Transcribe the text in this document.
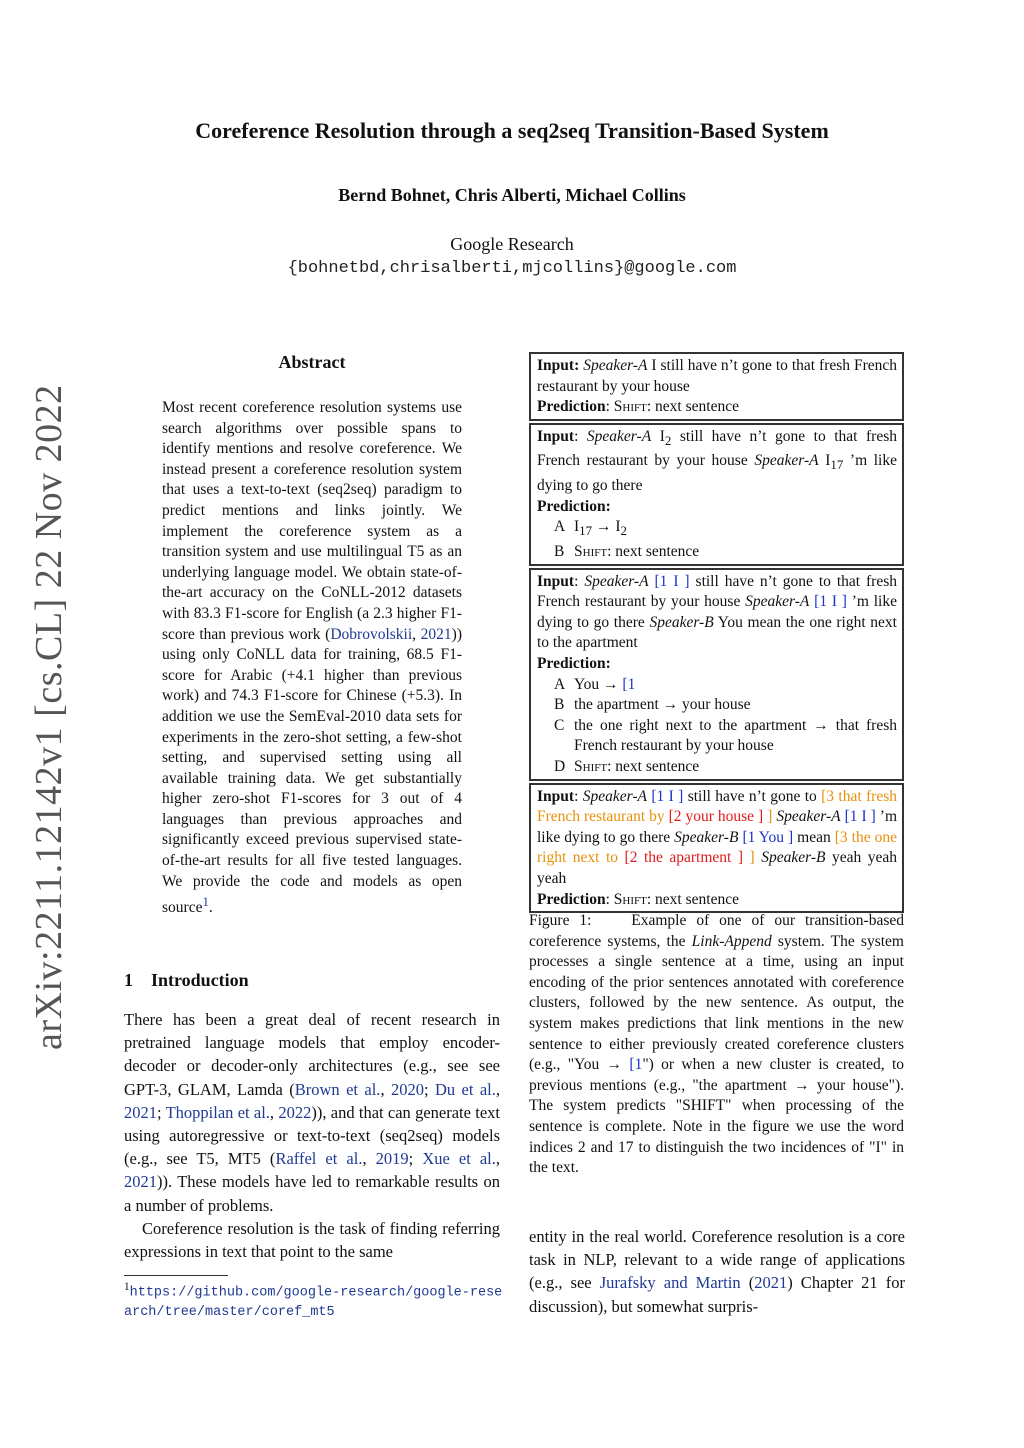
Coreference Resolution through a seq2seq Transition-Based System
Bernd Bohnet, Chris Alberti, Michael Collins
Google Research
{bohnetbd,chrisalberti,mjcollins}@google.com
arXiv:2211.12142v1 [cs.CL] 22 Nov 2022
Abstract

Most recent coreference resolution systems use search algorithms over possible spans to identify mentions and resolve coreference. We instead present a coreference resolution system that uses a text-to-text (seq2seq) paradigm to predict mentions and links jointly. We implement the coreference system as a transition system and use multilingual T5 as an underlying language model. We obtain state-of-the-art accuracy on the CoNLL-2012 datasets with 83.3 F1-score for English (a 2.3 higher F1-score than previous work (Dobrovolskii, 2021)) using only CoNLL data for training, 68.5 F1-score for Arabic (+4.1 higher than previous work) and 74.3 F1-score for Chinese (+5.3). In addition we use the SemEval-2010 data sets for experiments in the zero-shot setting, a few-shot setting, and supervised setting using all available training data. We get substantially higher zero-shot F1-scores for 3 out of 4 languages than previous approaches and significantly exceed previous supervised state-of-the-art results for all five tested languages. We provide the code and models as open source$^1$.

1 Introduction

There has been a great deal of recent research in pretrained language models that employ encoder-decoder or decoder-only architectures (e.g., see see GPT-3, GLAM, Lamda (Brown et al., 2020; Du et al., 2021; Thoppilan et al., 2022)), and that can generate text using autoregressive or text-to-text (seq2seq) models (e.g., see T5, MT5 (Raffel et al., 2019; Xue et al., 2021)). These models have led to remarkable results on a number of problems.

Coreference resolution is the task of finding referring expressions in text that point to the same

$^1$https://github.com/google-research/google-research/tree/master/coref_mt5
Input: Speaker-A I still have n’t gone to that fresh French restaurant by your house
Prediction: Shift: next sentence
Input: Speaker-A $I_2$ still have n’t gone to that fresh French restaurant by your house Speaker-A $I_{17}$ ’m like dying to go there
Prediction:
A $I_{17} \to I_2$
B Shift: next sentence
Input: Speaker-A [1 I ] still have n’t gone to that fresh French restaurant by your house Speaker-A [1 I ] ’m like dying to go there Speaker-B You mean the one right next to the apartment
Prediction:
A You → [1
B the apartment → your house
C the one right next to the apartment → that fresh French restaurant by your house
D Shift: next sentence
Input: Speaker-A [1 I ] still have n’t gone to [3 that fresh French restaurant by [2 your house ] ] Speaker-A [1 I ] ’m like dying to go there Speaker-B [1 You ] mean [3 the one right next to [2 the apartment ] ] Speaker-B yeah yeah yeah
Prediction: Shift: next sentence

Figure 1:    Example of one of our transition-based coreference systems, the Link-Append system. The system processes a single sentence at a time, using an input encoding of the prior sentences annotated with coreference clusters, followed by the new sentence. As output, the system makes predictions that link mentions in the new sentence to either previously created coreference clusters (e.g., "You → [1") or when a new cluster is created, to previous mentions (e.g., "the apartment → your house"). The system predicts "SHIFT" when processing of the sentence is complete. Note in the figure we use the word indices 2 and 17 to distinguish the two incidences of "I" in the text.

entity in the real world. Coreference resolution is a core task in NLP, relevant to a wide range of applications (e.g., see Jurafsky and Martin (2021) Chapter 21 for discussion), but somewhat surpris-
